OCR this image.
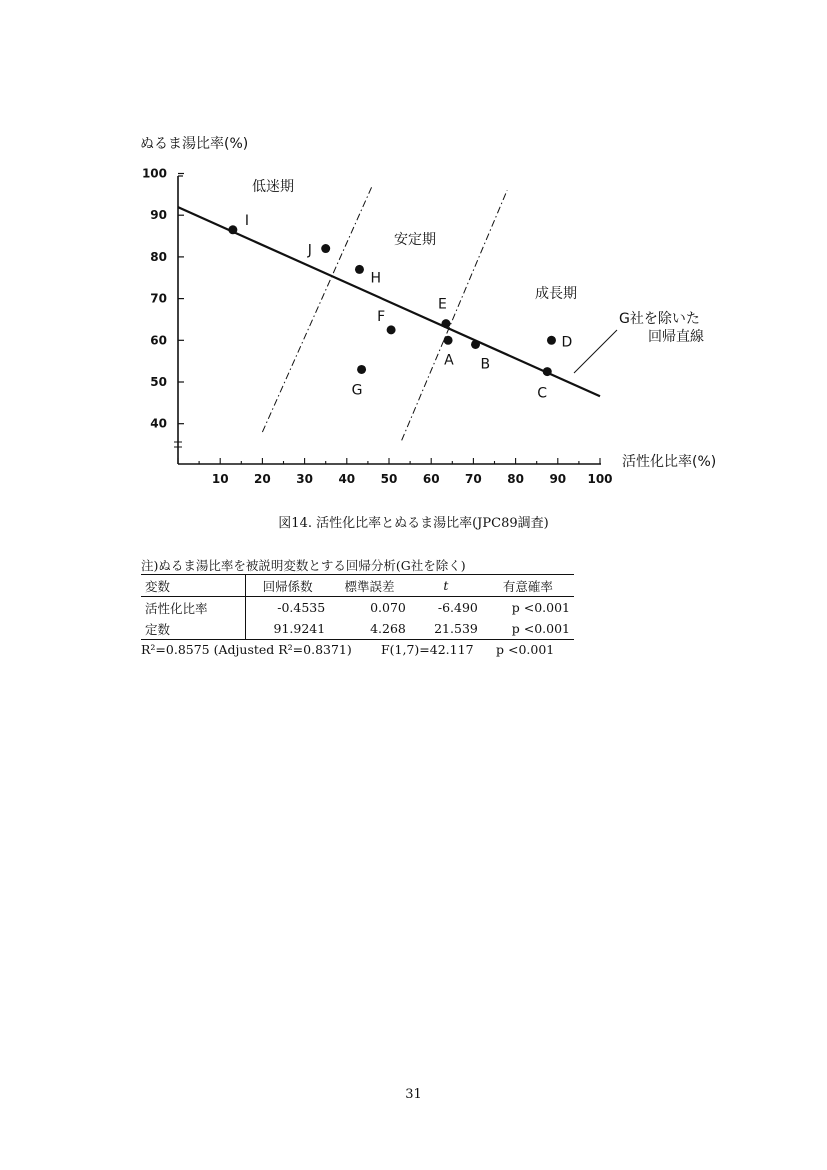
40
50
60
70
80
90
100
10 20 30 40 50 60 70 80 90 100
ぬるま湯比率(%)
活性化比率(%)
G社を除いた
回帰直線
低迷期
安定期
成長期
I
J
H
F
G
E
A B
C
D
図14. 活性化比率とぬるま湯比率(JPC89調査)
注)ぬるま湯比率を被説明変数とする回帰分析(G社を除く)
変数	回帰係数	標準誤差	t	有意確率
活性化比率	-0.4535	0.070	-6.490	p <0.001
定数	91.9241	4.268	21.539	p <0.001
R²=0.8575 (Adjusted R²=0.8371) F(1,7)=42.117 p <0.001
31
